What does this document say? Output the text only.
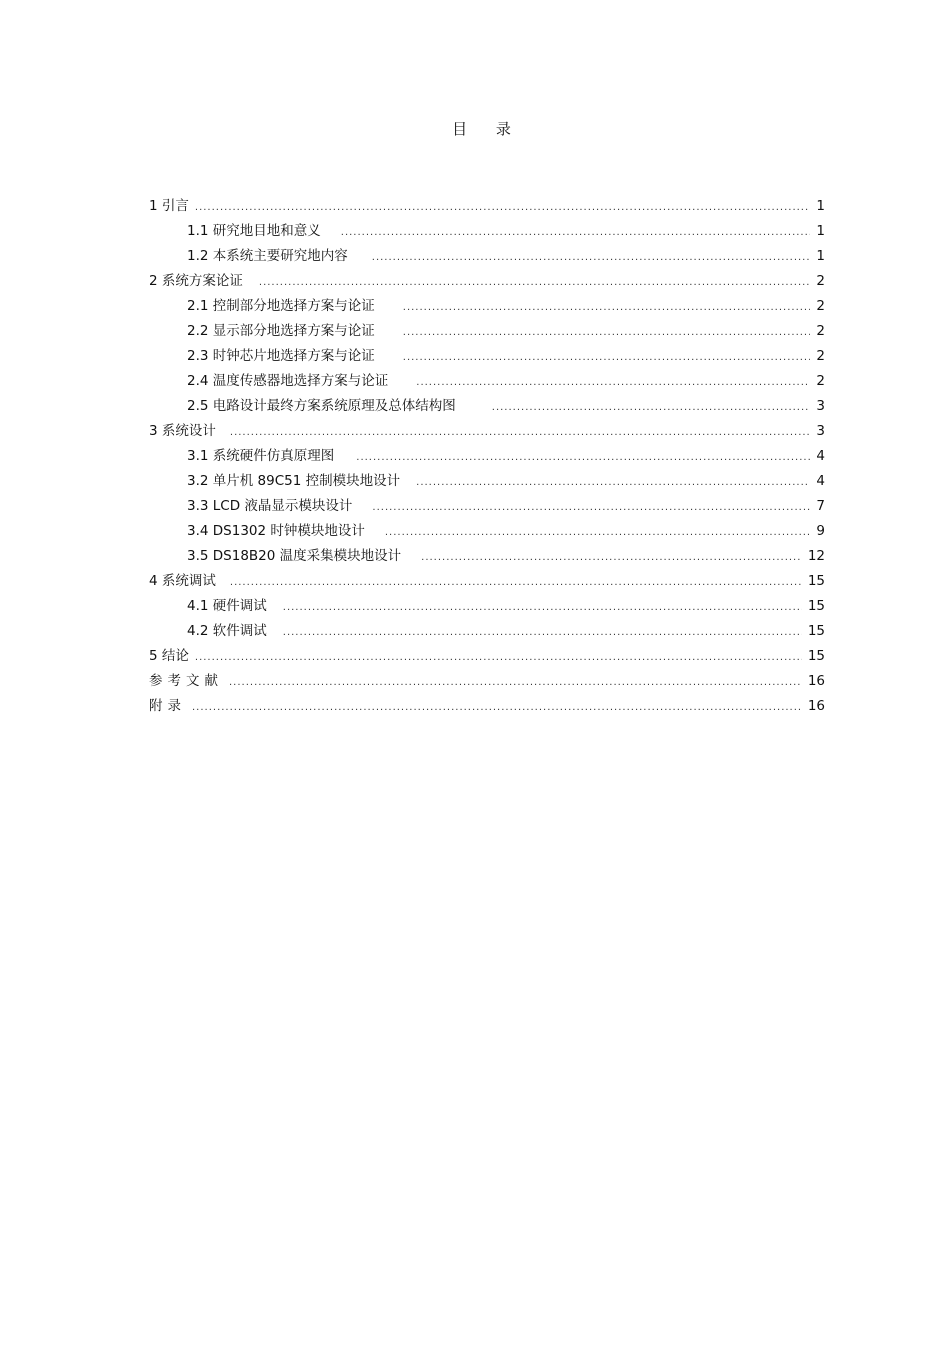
目 录
1 引言 .....	1
1.1 研究地目地和意义 .....	1
1.2 本系统主要研究地内容 .....	1
2 系统方案论证 .....	2
2.1 控制部分地选择方案与论证 .....	2
2.2 显示部分地选择方案与论证 .....	2
2.3 时钟芯片地选择方案与论证 .....	2
2.4 温度传感器地选择方案与论证 .....	2
2.5 电路设计最终方案系统原理及总体结构图 .....	3
3 系统设计 .....	3
3.1 系统硬件仿真原理图 .....	4
3.2 单片机 89C51 控制模块地设计 .....	4
3.3 LCD 液晶显示模块设计 .....	7
3.4 DS1302 时钟模块地设计 .....	9
3.5 DS18B20 温度采集模块地设计 .....	12
4 系统调试 .....	15
4.1 硬件调试 .....	15
4.2 软件调试 .....	15
5 结论 .....	15
参考文献 .....	16
附录 .....	16
